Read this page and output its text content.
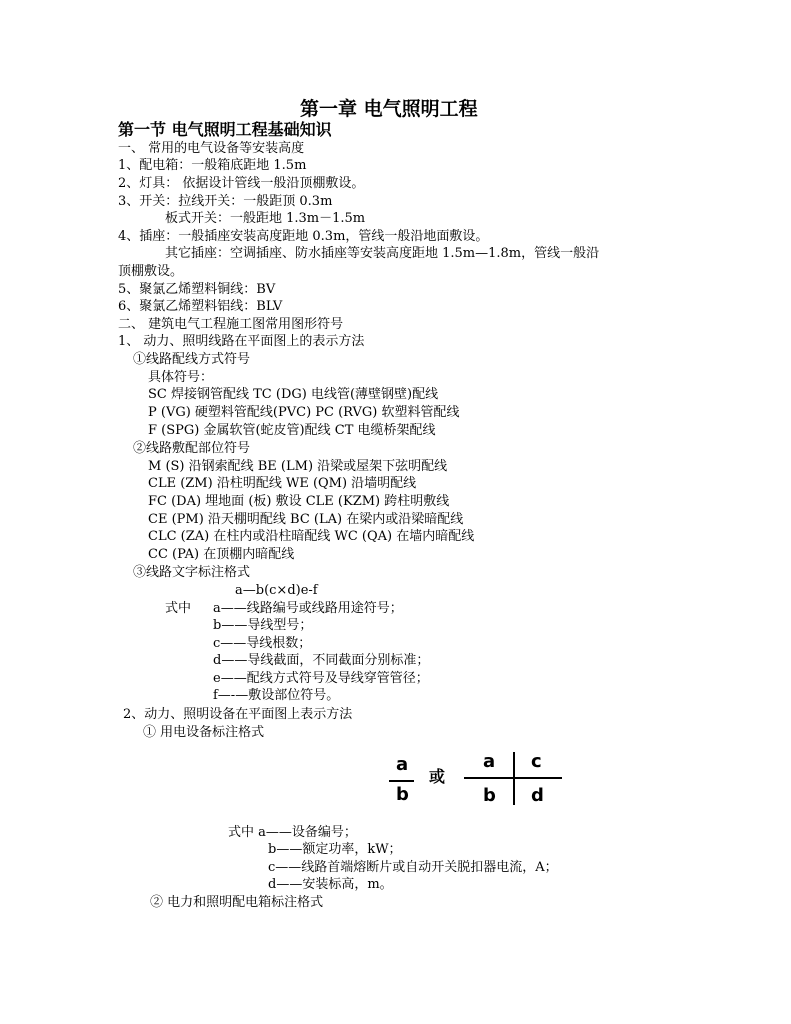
第一章 电气照明工程
第一节 电气照明工程基础知识
一、 常用的电气设备等安装高度
1、配电箱：一般箱底距地 1.5m
2、灯具： 依据设计管线一般沿顶棚敷设。
3、开关：拉线开关：一般距顶 0.3m
板式开关：一般距地 1.3m－1.5m
4、插座：一般插座安装高度距地 0.3m，管线一般沿地面敷设。
其它插座：空调插座、防水插座等安装高度距地 1.5m—1.8m，管线一般沿
顶棚敷设。
5、聚氯乙烯塑料铜线：BV
6、聚氯乙烯塑料铝线：BLV
二、 建筑电气工程施工图常用图形符号
1、 动力、照明线路在平面图上的表示方法
①线路配线方式符号
具体符号：
SC 焊接钢管配线 TC (DG) 电线管(薄壁钢壁)配线
P (VG) 硬塑料管配线(PVC) PC (RVG) 软塑料管配线
F (SPG) 金属软管(蛇皮管)配线 CT 电缆桥架配线
②线路敷配部位符号
M (S) 沿钢索配线 BE (LM) 沿梁或屋架下弦明配线
CLE (ZM) 沿柱明配线 WE (QM) 沿墙明配线
FC (DA) 埋地面 (板) 敷设 CLE (KZM) 跨柱明敷线
CE (PM) 沿天棚明配线 BC (LA) 在梁内或沿梁暗配线
CLC (ZA) 在柱内或沿柱暗配线 WC (QA) 在墙内暗配线
CC (PA) 在顶棚内暗配线
③线路文字标注格式
a—b(c×d)e-f
式中 a——线路编号或线路用途符号；
b——导线型号；
c——导线根数；
d——导线截面，不同截面分别标准；
e——配线方式符号及导线穿管管径；
f—-—敷设部位符号。
2、动力、照明设备在平面图上表示方法
① 用电设备标注格式
a
b
或
a c
b d
式中 a——设备编号；
b——额定功率，kW；
c——线路首端熔断片或自动开关脱扣器电流，A；
d——安装标高，m。
② 电力和照明配电箱标注格式
